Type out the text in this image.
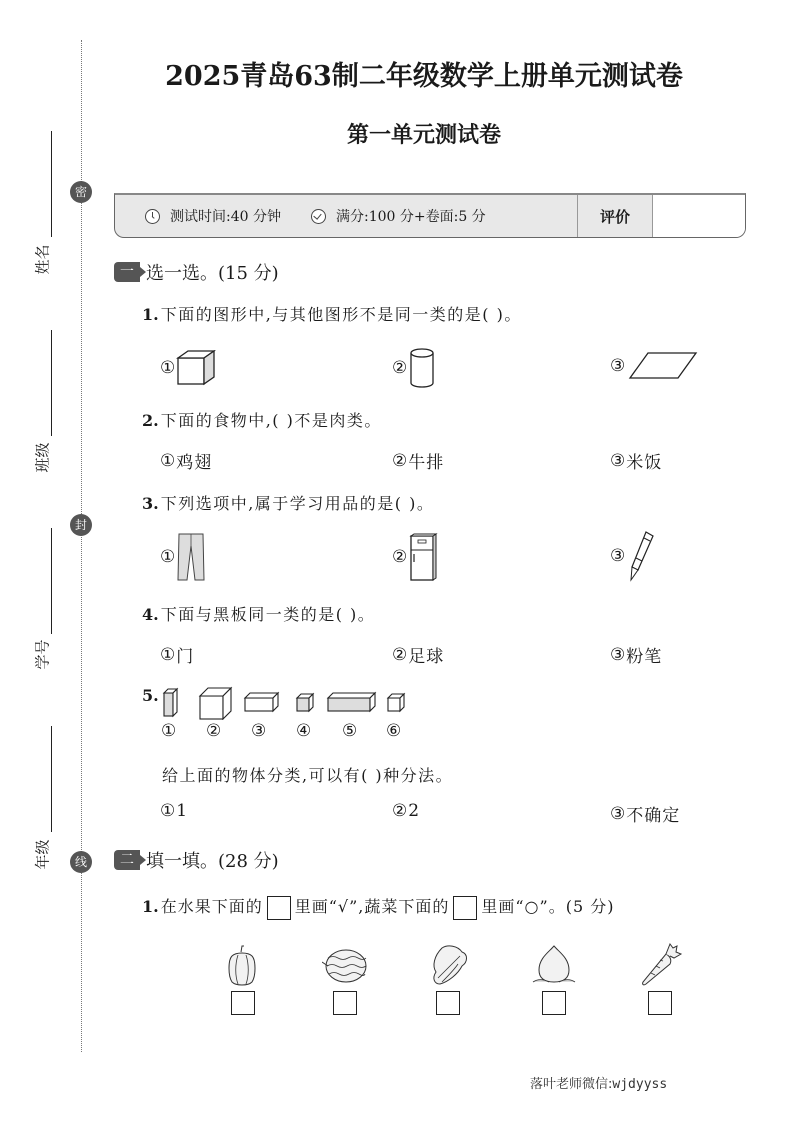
密
封
线
姓名
班级
学号
年级
2025青岛63制二年级数学上册单元测试卷
第一单元测试卷
测试时间:40 分钟	满分:100 分+卷面:5 分	评价
一 选一选。 (15 分)
1. 下面的图形中,与其他图形不是同一类的是( )。
①	②	③
2. 下面的食物中,( )不是肉类。
① 鸡翅	② 牛排	③ 米饭
3. 下列选项中,属于学习用品的是( )。
①	②	③
4. 下面与黑板同一类的是( )。
① 门	② 足球	③ 粉笔
5.
① ② ③ ④ ⑤ ⑥
给上面的物体分类,可以有( )种分法。
① 1	② 2	③ 不确定
二 填一填。 (28 分)
1. 在水果下面的 里画“√”,蔬菜下面的 里画“○”。(5 分)
落叶老师微信:wjdyyss
